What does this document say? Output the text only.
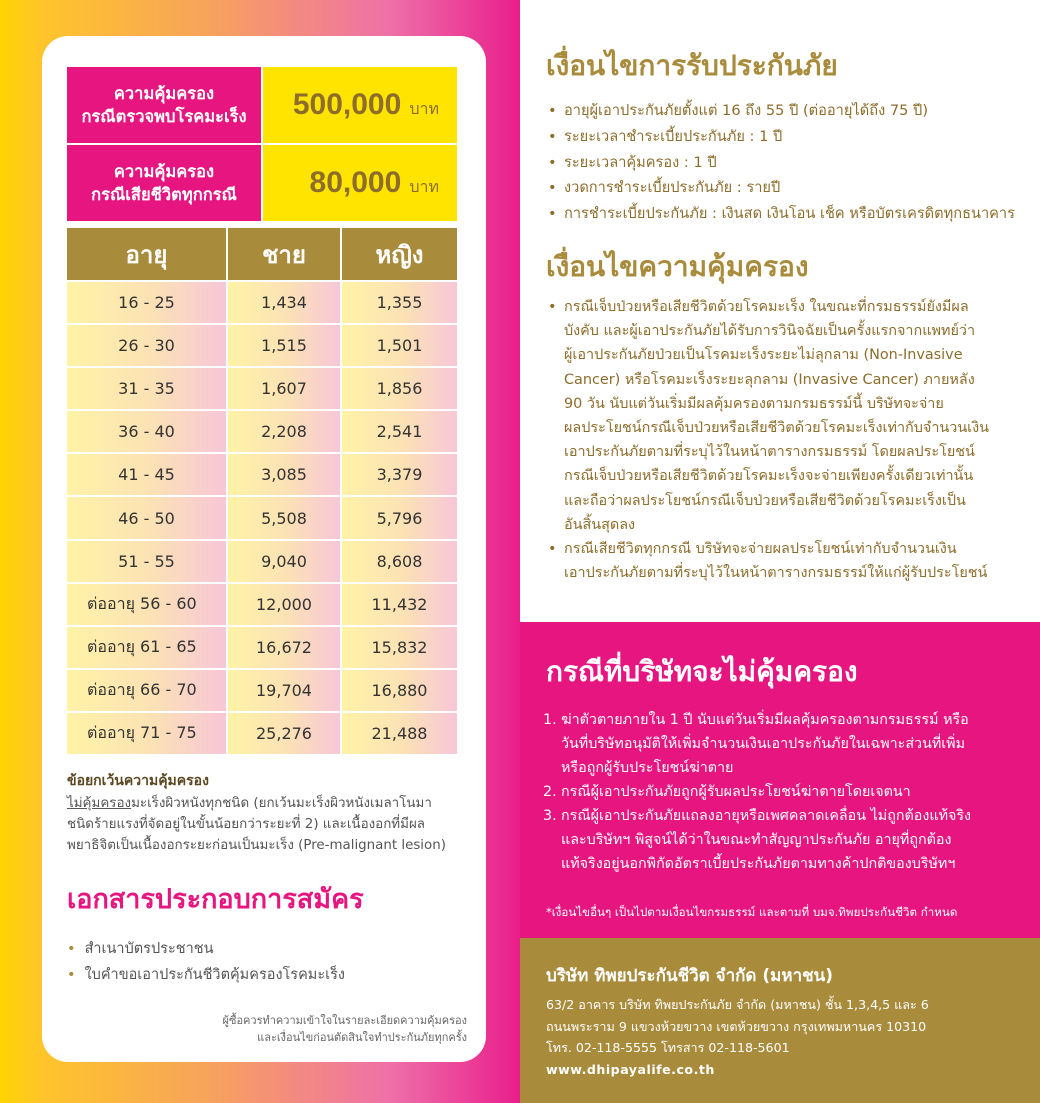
ความคุ้มครอง
กรณีตรวจพบโรคมะเร็ง 500,000 บาท
ความคุ้มครอง
กรณีเสียชีวิตทุกกรณี 80,000 บาท
อายุ	ชาย	หญิง
16 - 25	1,434	1,355
26 - 30	1,515	1,501
31 - 35	1,607	1,856
36 - 40	2,208	2,541
41 - 45	3,085	3,379
46 - 50	5,508	5,796
51 - 55	9,040	8,608
ต่ออายุ 56 - 60	12,000	11,432
ต่ออายุ 61 - 65	16,672	15,832
ต่ออายุ 66 - 70	19,704	16,880
ต่ออายุ 71 - 75	25,276	21,488
ข้อยกเว้นความคุ้มครอง
ไม่คุ้มครองมะเร็งผิวหนังทุกชนิด (ยกเว้นมะเร็งผิวหนังเมลาโนมา
ชนิดร้ายแรงที่จัดอยู่ในขั้นน้อยกว่าระยะที่ 2) และเนื้องอกที่มีผล
พยาธิจิตเป็นเนื้องอกระยะก่อนเป็นมะเร็ง (Pre-malignant lesion)
เอกสารประกอบการสมัคร
• สำเนาบัตรประชาชน
• ใบคำขอเอาประกันชีวิตคุ้มครองโรคมะเร็ง
ผู้ซื้อควรทำความเข้าใจในรายละเอียดความคุ้มครอง
และเงื่อนไขก่อนตัดสินใจทำประกันภัยทุกครั้ง
เงื่อนไขการรับประกันภัย
• อายุผู้เอาประกันภัยตั้งแต่ 16 ถึง 55 ปี (ต่ออายุได้ถึง 75 ปี)
• ระยะเวลาชำระเบี้ยประกันภัย : 1 ปี
• ระยะเวลาคุ้มครอง : 1 ปี
• งวดการชำระเบี้ยประกันภัย : รายปี
• การชำระเบี้ยประกันภัย : เงินสด เงินโอน เช็ค หรือบัตรเครดิตทุกธนาคาร
เงื่อนไขความคุ้มครอง
• กรณีเจ็บป่วยหรือเสียชีวิตด้วยโรคมะเร็ง ในขณะที่กรมธรรม์ยังมีผล
บังคับ และผู้เอาประกันภัยได้รับการวินิจฉัยเป็นครั้งแรกจากแพทย์ว่า
ผู้เอาประกันภัยป่วยเป็นโรคมะเร็งระยะไม่ลุกลาม (Non-Invasive
Cancer) หรือโรคมะเร็งระยะลุกลาม (Invasive Cancer) ภายหลัง
90 วัน นับแต่วันเริ่มมีผลคุ้มครองตามกรมธรรม์นี้ บริษัทจะจ่าย
ผลประโยชน์กรณีเจ็บป่วยหรือเสียชีวิตด้วยโรคมะเร็งเท่ากับจำนวนเงิน
เอาประกันภัยตามที่ระบุไว้ในหน้าตารางกรมธรรม์ โดยผลประโยชน์
กรณีเจ็บป่วยหรือเสียชีวิตด้วยโรคมะเร็งจะจ่ายเพียงครั้งเดียวเท่านั้น
และถือว่าผลประโยชน์กรณีเจ็บป่วยหรือเสียชีวิตด้วยโรคมะเร็งเป็น
อันสิ้นสุดลง
• กรณีเสียชีวิตทุกกรณี บริษัทจะจ่ายผลประโยชน์เท่ากับจำนวนเงิน
เอาประกันภัยตามที่ระบุไว้ในหน้าตารางกรมธรรม์ให้แก่ผู้รับประโยชน์
กรณีที่บริษัทจะไม่คุ้มครอง
1. ฆ่าตัวตายภายใน 1 ปี นับแต่วันเริ่มมีผลคุ้มครองตามกรมธรรม์ หรือ
วันที่บริษัทอนุมัติให้เพิ่มจำนวนเงินเอาประกันภัยในเฉพาะส่วนที่เพิ่ม
หรือถูกผู้รับประโยชน์ฆ่าตาย
2. กรณีผู้เอาประกันภัยถูกผู้รับผลประโยชน์ฆ่าตายโดยเจตนา
3. กรณีผู้เอาประกันภัยแถลงอายุหรือเพศคลาดเคลื่อน ไม่ถูกต้องแท้จริง
และบริษัทฯ พิสูจน์ได้ว่าในขณะทำสัญญาประกันภัย อายุที่ถูกต้อง
แท้จริงอยู่นอกพิกัดอัตราเบี้ยประกันภัยตามทางค้าปกติของบริษัทฯ
*เงื่อนไขอื่นๆ เป็นไปตามเงื่อนไขกรมธรรม์ และตามที่ บมจ.ทิพยประกันชีวิต กำหนด
บริษัท ทิพยประกันชีวิต จำกัด (มหาชน)
63/2 อาคาร บริษัท ทิพยประกันภัย จำกัด (มหาชน) ชั้น 1,3,4,5 และ 6
ถนนพระราม 9 แขวงห้วยขวาง เขตห้วยขวาง กรุงเทพมหานคร 10310
โทร. 02-118-5555 โทรสาร 02-118-5601
www.dhipayalife.co.th
